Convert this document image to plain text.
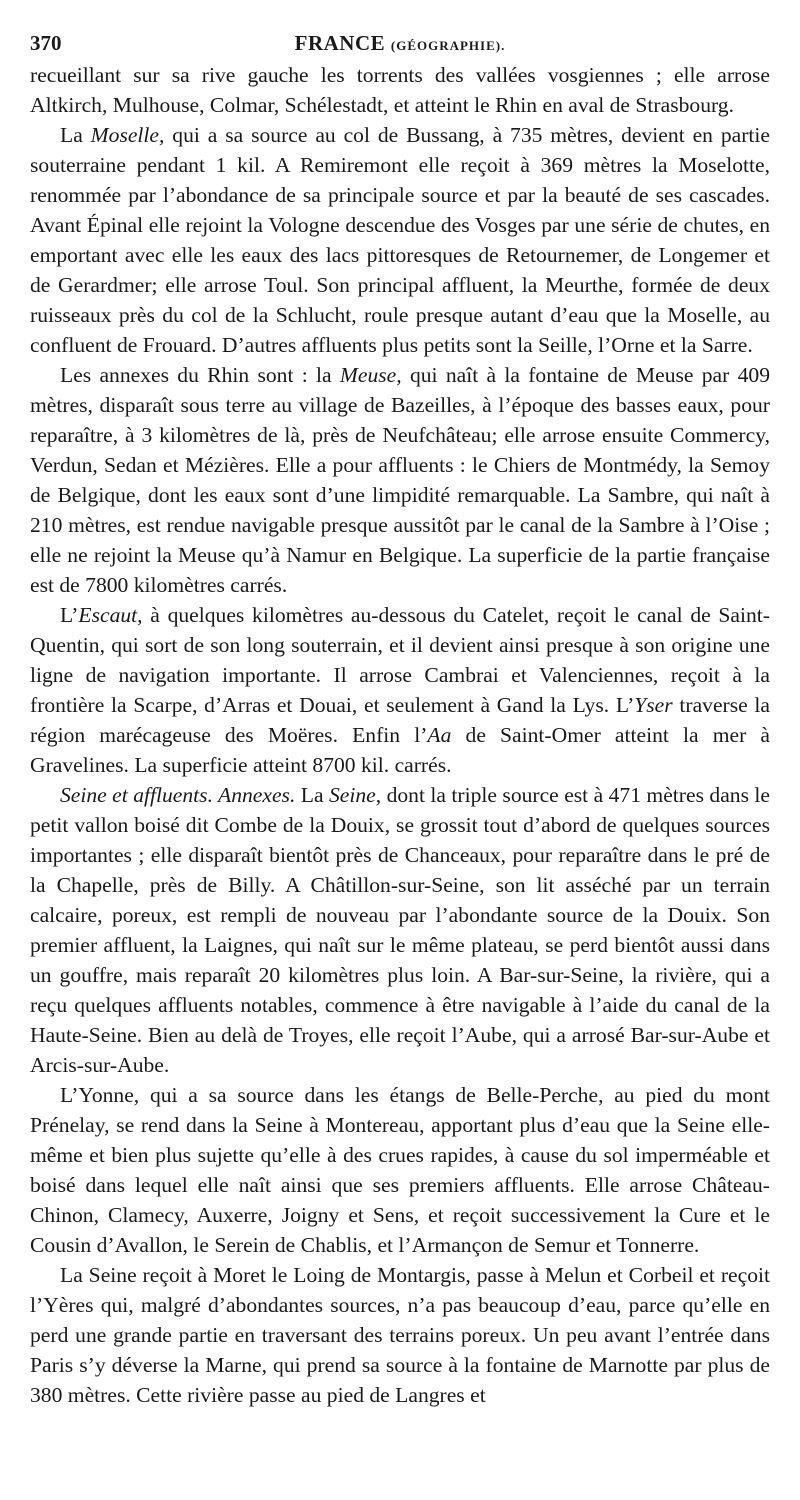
370	FRANCE (GÉOGRAPHIE).

recueillant sur sa rive gauche les torrents des vallées vosgiennes ; elle arrose Altkirch, Mulhouse, Colmar, Schélestadt, et atteint le Rhin en aval de Strasbourg.

La Moselle, qui a sa source au col de Bussang, à 735 mètres, devient en partie souterraine pendant 1 kil. A Remiremont elle reçoit à 369 mètres la Moselotte, renommée par l’abondance de sa principale source et par la beauté de ses cascades. Avant Épinal elle rejoint la Vologne descendue des Vosges par une série de chutes, en emportant avec elle les eaux des lacs pittoresques de Retournemer, de Longemer et de Gerardmer; elle arrose Toul. Son principal affluent, la Meurthe, formée de deux ruisseaux près du col de la Schlucht, roule presque autant d’eau que la Moselle, au confluent de Frouard. D’autres affluents plus petits sont la Seille, l’Orne et la Sarre.

Les annexes du Rhin sont : la Meuse, qui naît à la fontaine de Meuse par 409 mètres, disparaît sous terre au village de Bazeilles, à l’époque des basses eaux, pour reparaître, à 3 kilomètres de là, près de Neufchâteau; elle arrose ensuite Commercy, Verdun, Sedan et Mézières. Elle a pour affluents : le Chiers de Montmédy, la Semoy de Belgique, dont les eaux sont d’une limpidité remarquable. La Sambre, qui naît à 210 mètres, est rendue navigable presque aussitôt par le canal de la Sambre à l’Oise ; elle ne rejoint la Meuse qu’à Namur en Belgique. La superficie de la partie française est de 7800 kilomètres carrés.

L’Escaut, à quelques kilomètres au-dessous du Catelet, reçoit le canal de Saint-Quentin, qui sort de son long souterrain, et il devient ainsi presque à son origine une ligne de navigation importante. Il arrose Cambrai et Valenciennes, reçoit à la frontière la Scarpe, d’Arras et Douai, et seulement à Gand la Lys. L’Yser traverse la région marécageuse des Moëres. Enfin l’Aa de Saint-Omer atteint la mer à Gravelines. La superficie atteint 8700 kil. carrés.

Seine et affluents. Annexes. La Seine, dont la triple source est à 471 mètres dans le petit vallon boisé dit Combe de la Douix, se grossit tout d’abord de quelques sources importantes ; elle disparaît bientôt près de Chanceaux, pour reparaître dans le pré de la Chapelle, près de Billy. A Châtillon-sur-Seine, son lit asséché par un terrain calcaire, poreux, est rempli de nouveau par l’abondante source de la Douix. Son premier affluent, la Laignes, qui naît sur le même plateau, se perd bientôt aussi dans un gouffre, mais reparaît 20 kilomètres plus loin. A Bar-sur-Seine, la rivière, qui a reçu quelques affluents notables, commence à être navigable à l’aide du canal de la Haute-Seine. Bien au delà de Troyes, elle reçoit l’Aube, qui a arrosé Bar-sur-Aube et Arcis-sur-Aube.

L’Yonne, qui a sa source dans les étangs de Belle-Perche, au pied du mont Prénelay, se rend dans la Seine à Montereau, apportant plus d’eau que la Seine elle-même et bien plus sujette qu’elle à des crues rapides, à cause du sol imperméable et boisé dans lequel elle naît ainsi que ses premiers affluents. Elle arrose Château-Chinon, Clamecy, Auxerre, Joigny et Sens, et reçoit successivement la Cure et le Cousin d’Avallon, le Serein de Chablis, et l’Armançon de Semur et Tonnerre.

La Seine reçoit à Moret le Loing de Montargis, passe à Melun et Corbeil et reçoit l’Yères qui, malgré d’abondantes sources, n’a pas beaucoup d’eau, parce qu’elle en perd une grande partie en traversant des terrains poreux. Un peu avant l’entrée dans Paris s’y déverse la Marne, qui prend sa source à la fontaine de Marnotte par plus de 380 mètres. Cette rivière passe au pied de Langres et
